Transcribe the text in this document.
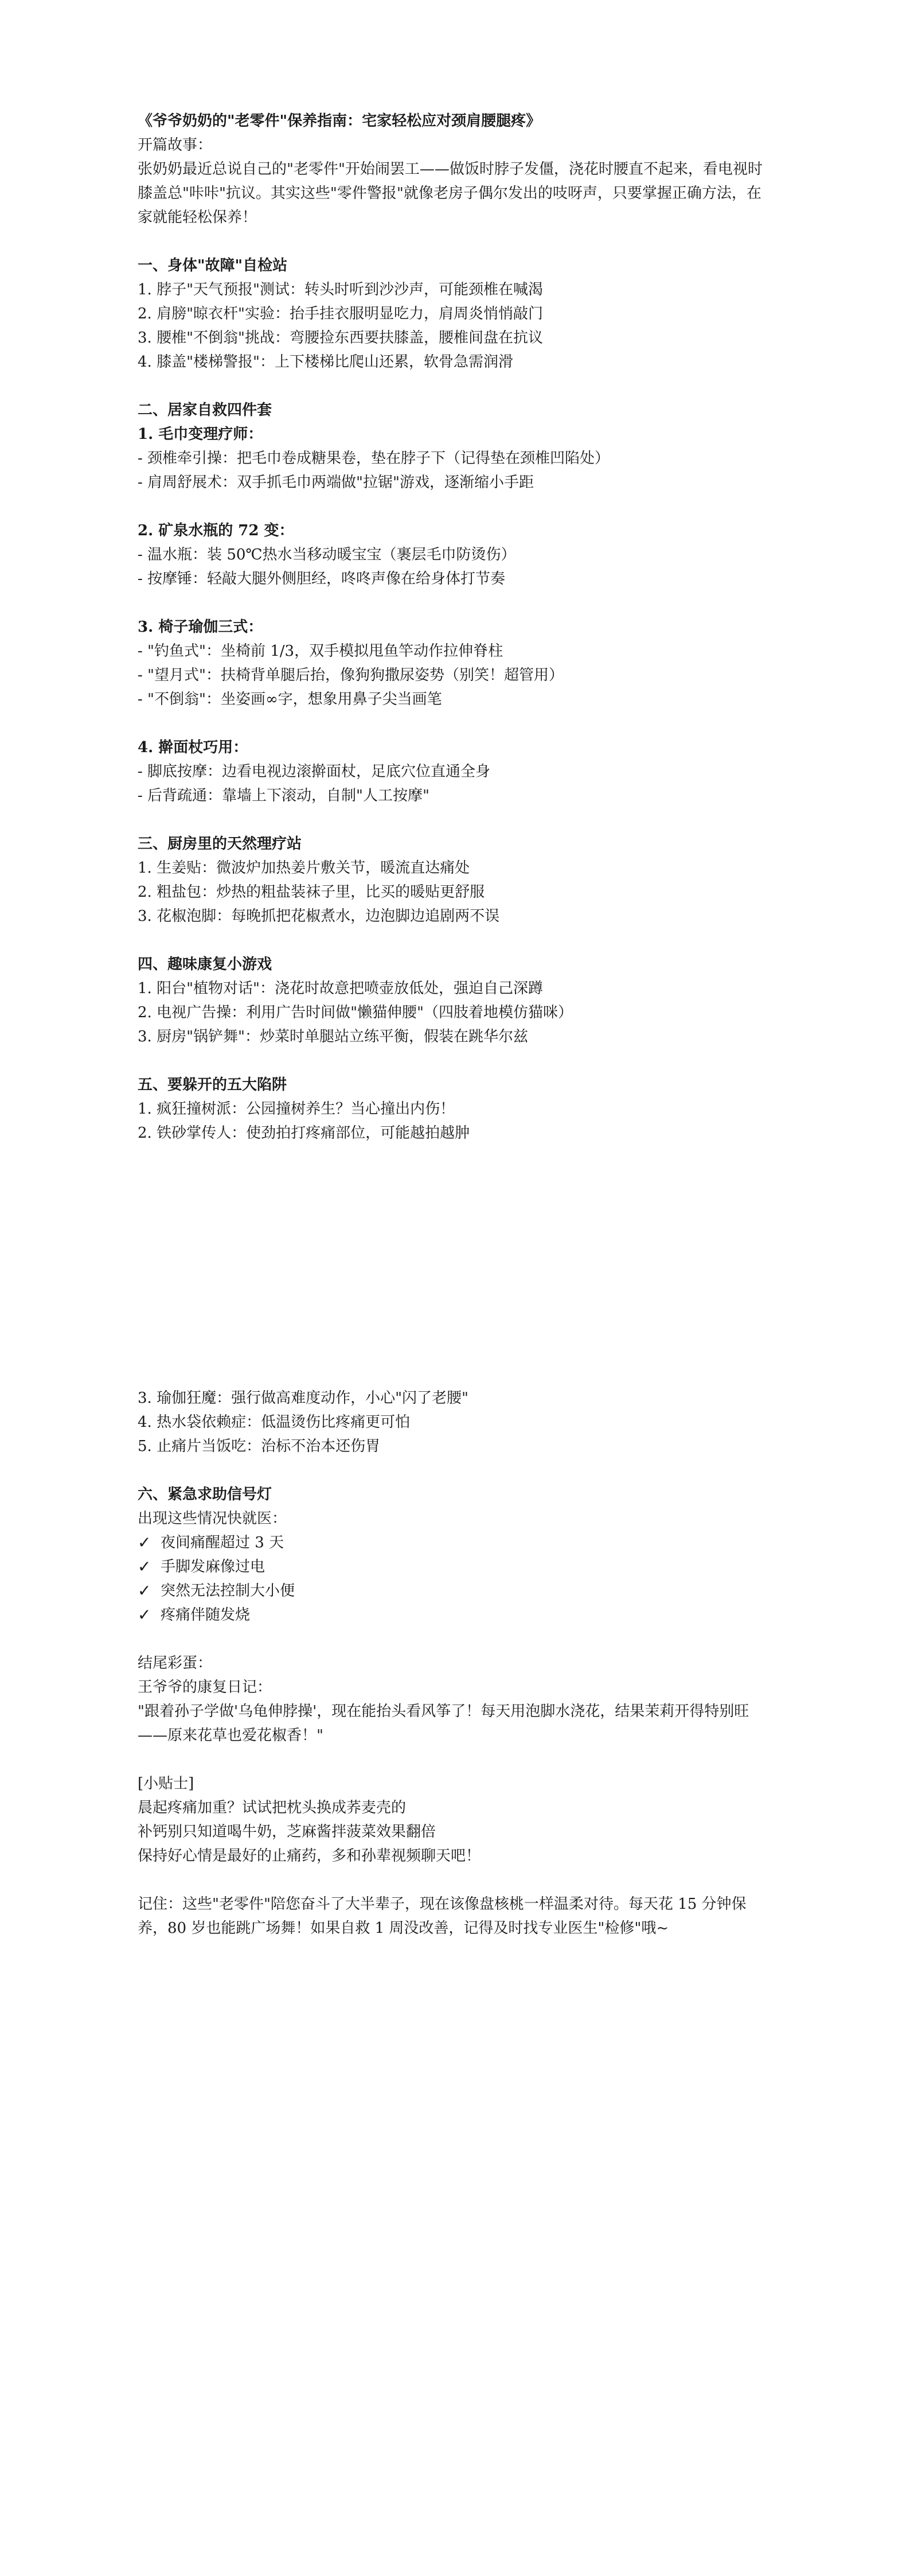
《爷爷奶奶的"老零件"保养指南：宅家轻松应对颈肩腰腿疼》

开篇故事：

张奶奶最近总说自己的"老零件"开始闹罢工——做饭时脖子发僵，浇花时腰直不起来，看电视时膝盖总"咔咔"抗议。其实这些"零件警报"就像老房子偶尔发出的吱呀声，只要掌握正确方法，在家就能轻松保养！

一、身体"故障"自检站

1. 脖子"天气预报"测试：转头时听到沙沙声，可能颈椎在喊渴
2. 肩膀"晾衣杆"实验：抬手挂衣服明显吃力，肩周炎悄悄敲门
3. 腰椎"不倒翁"挑战：弯腰捡东西要扶膝盖，腰椎间盘在抗议
4. 膝盖"楼梯警报"：上下楼梯比爬山还累，软骨急需润滑

二、居家自救四件套

1. 毛巾变理疗师：

- 颈椎牵引操：把毛巾卷成糖果卷，垫在脖子下（记得垫在颈椎凹陷处）
- 肩周舒展术：双手抓毛巾两端做"拉锯"游戏，逐渐缩小手距

2. 矿泉水瓶的 72 变：

- 温水瓶：装 50℃热水当移动暖宝宝（裹层毛巾防烫伤）
- 按摩锤：轻敲大腿外侧胆经，咚咚声像在给身体打节奏

3. 椅子瑜伽三式：

- "钓鱼式"：坐椅前 1/3，双手模拟甩鱼竿动作拉伸脊柱
- "望月式"：扶椅背单腿后抬，像狗狗撒尿姿势（别笑！超管用）
- "不倒翁"：坐姿画∞字，想象用鼻子尖当画笔

4. 擀面杖巧用：

- 脚底按摩：边看电视边滚擀面杖，足底穴位直通全身
- 后背疏通：靠墙上下滚动，自制"人工按摩"

三、厨房里的天然理疗站

1. 生姜贴：微波炉加热姜片敷关节，暖流直达痛处
2. 粗盐包：炒热的粗盐装袜子里，比买的暖贴更舒服
3. 花椒泡脚：每晚抓把花椒煮水，边泡脚边追剧两不误

四、趣味康复小游戏

1. 阳台"植物对话"：浇花时故意把喷壶放低处，强迫自己深蹲
2. 电视广告操：利用广告时间做"懒猫伸腰"（四肢着地模仿猫咪）
3. 厨房"锅铲舞"：炒菜时单腿站立练平衡，假装在跳华尔兹

五、要躲开的五大陷阱

1. 疯狂撞树派：公园撞树养生？当心撞出内伤！
2. 铁砂掌传人：使劲拍打疼痛部位，可能越拍越肿
3. 瑜伽狂魔：强行做高难度动作，小心"闪了老腰"
4. 热水袋依赖症：低温烫伤比疼痛更可怕
5. 止痛片当饭吃：治标不治本还伤胃

六、紧急求助信号灯

出现这些情况快就医：

✓ 夜间痛醒超过 3 天
✓ 手脚发麻像过电
✓ 突然无法控制大小便
✓ 疼痛伴随发烧

结尾彩蛋：

王爷爷的康复日记：

"跟着孙子学做'乌龟伸脖操'，现在能抬头看风筝了！每天用泡脚水浇花，结果茉莉开得特别旺——原来花草也爱花椒香！"

[小贴士]

晨起疼痛加重？试试把枕头换成荞麦壳的

补钙别只知道喝牛奶，芝麻酱拌菠菜效果翻倍

保持好心情是最好的止痛药，多和孙辈视频聊天吧！

记住：这些"老零件"陪您奋斗了大半辈子，现在该像盘核桃一样温柔对待。每天花 15 分钟保养，80 岁也能跳广场舞！如果自救 1 周没改善，记得及时找专业医生"检修"哦~
